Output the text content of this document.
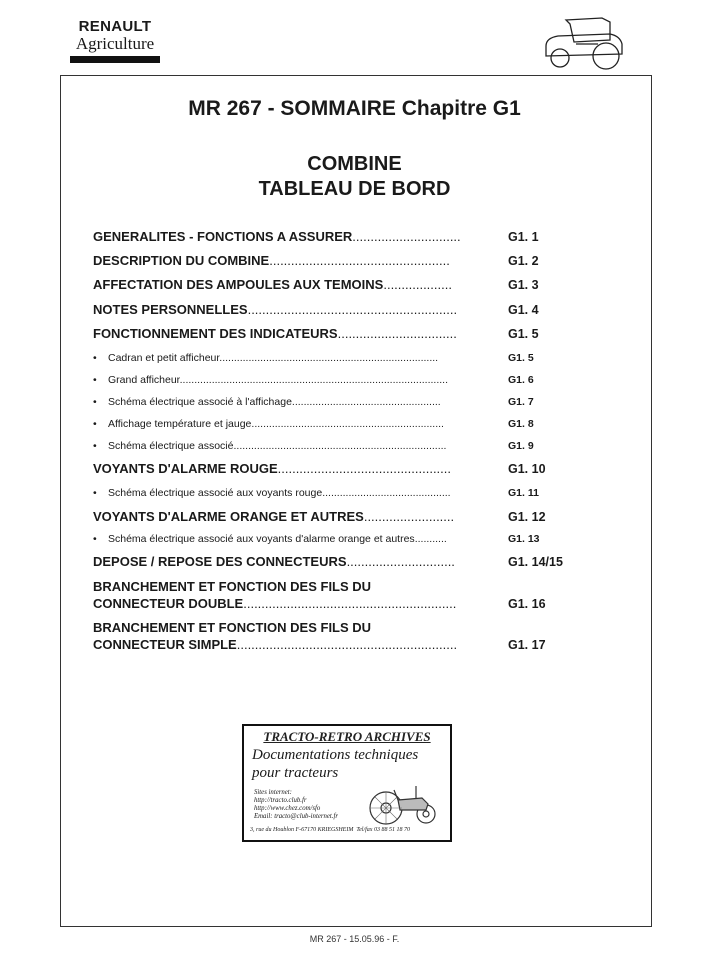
RENAULT
Agriculture
MR 267 - SOMMAIRE Chapitre G1
COMBINE
TABLEAU DE BORD
GENERALITES - FONCTIONS A ASSURER..............................	G1. 1
DESCRIPTION DU COMBINE..................................................	G1. 2
AFFECTATION DES AMPOULES AUX TEMOINS...................	G1. 3
NOTES PERSONNELLES..........................................................	G1. 4
FONCTIONNEMENT DES INDICATEURS.................................	G1. 5
• Cadran et petit afficheur...........................................................................	G1. 5
• Grand afficheur............................................................................................	G1. 6
• Schéma électrique associé à l'affichage...................................................	G1. 7
• Affichage température et jauge..................................................................	G1. 8
• Schéma électrique associé.........................................................................	G1. 9
VOYANTS D'ALARME ROUGE................................................	G1. 10
• Schéma électrique associé aux voyants rouge............................................	G1. 11
VOYANTS D'ALARME ORANGE ET AUTRES.........................	G1. 12
• Schéma électrique associé aux voyants d'alarme orange et autres...........	G1. 13
DEPOSE / REPOSE DES CONNECTEURS..............................	G1. 14/15
BRANCHEMENT ET FONCTION DES FILS DU
CONNECTEUR DOUBLE...........................................................	G1. 16
BRANCHEMENT ET FONCTION DES FILS DU
CONNECTEUR SIMPLE.............................................................	G1. 17
TRACTO-RETRO ARCHIVES
Documentations techniques
pour tracteurs
Sites internet:
http://tracto.club.fr
http://www.chez.com/sfo
Email: tracto@club-internet.fr
3, rue du Houblon F-67170 KRIEGSHEIM Tel/fax 03 88 51 18 70
MR 267 - 15.05.96 - F.
